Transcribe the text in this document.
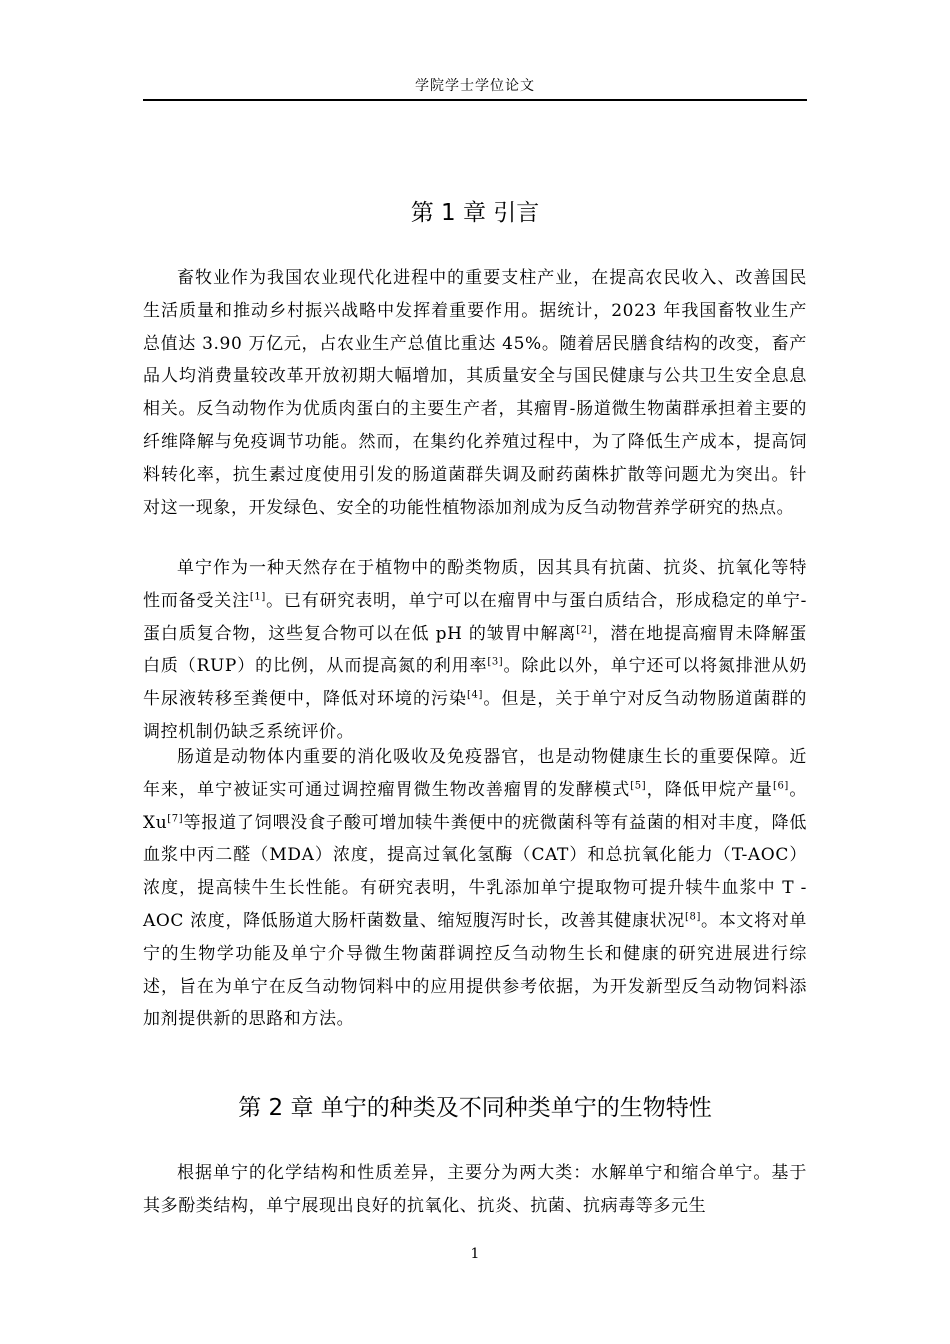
学院学士学位论文
第 1 章 引言

畜牧业作为我国农业现代化进程中的重要支柱产业，在提高农民收入、改善国民生活质量和推动乡村振兴战略中发挥着重要作用。据统计，2023 年我国畜牧业生产总值达 3.90 万亿元，占农业生产总值比重达 45%。随着居民膳食结构的改变，畜产品人均消费量较改革开放初期大幅增加，其质量安全与国民健康与公共卫生安全息息相关。反刍动物作为优质肉蛋白的主要生产者，其瘤胃-肠道微生物菌群承担着主要的纤维降解与免疫调节功能。然而，在集约化养殖过程中，为了降低生产成本，提高饲料转化率，抗生素过度使用引发的肠道菌群失调及耐药菌株扩散等问题尤为突出。针对这一现象，开发绿色、安全的功能性植物添加剂成为反刍动物营养学研究的热点。

单宁作为一种天然存在于植物中的酚类物质，因其具有抗菌、抗炎、抗氧化等特性而备受关注[1]。已有研究表明，单宁可以在瘤胃中与蛋白质结合，形成稳定的单宁-蛋白质复合物，这些复合物可以在低 pH 的皱胃中解离[2]，潜在地提高瘤胃未降解蛋白质（RUP）的比例，从而提高氮的利用率[3]。除此以外，单宁还可以将氮排泄从奶牛尿液转移至粪便中，降低对环境的污染[4]。但是，关于单宁对反刍动物肠道菌群的调控机制仍缺乏系统评价。

肠道是动物体内重要的消化吸收及免疫器官，也是动物健康生长的重要保障。近年来，单宁被证实可通过调控瘤胃微生物改善瘤胃的发酵模式[5]，降低甲烷产量[6]。Xu[7]等报道了饲喂没食子酸可增加犊牛粪便中的疣微菌科等有益菌的相对丰度，降低血浆中丙二醛（MDA）浓度，提高过氧化氢酶（CAT）和总抗氧化能力（T-AOC）浓度，提高犊牛生长性能。有研究表明，牛乳添加单宁提取物可提升犊牛血浆中 T - AOC 浓度，降低肠道大肠杆菌数量、缩短腹泻时长，改善其健康状况[8]。本文将对单宁的生物学功能及单宁介导微生物菌群调控反刍动物生长和健康的研究进展进行综述，旨在为单宁在反刍动物饲料中的应用提供参考依据，为开发新型反刍动物饲料添加剂提供新的思路和方法。

第 2 章 单宁的种类及不同种类单宁的生物特性

根据单宁的化学结构和性质差异，主要分为两大类：水解单宁和缩合单宁。基于其多酚类结构，单宁展现出良好的抗氧化、抗炎、抗菌、抗病毒等多元生

1
